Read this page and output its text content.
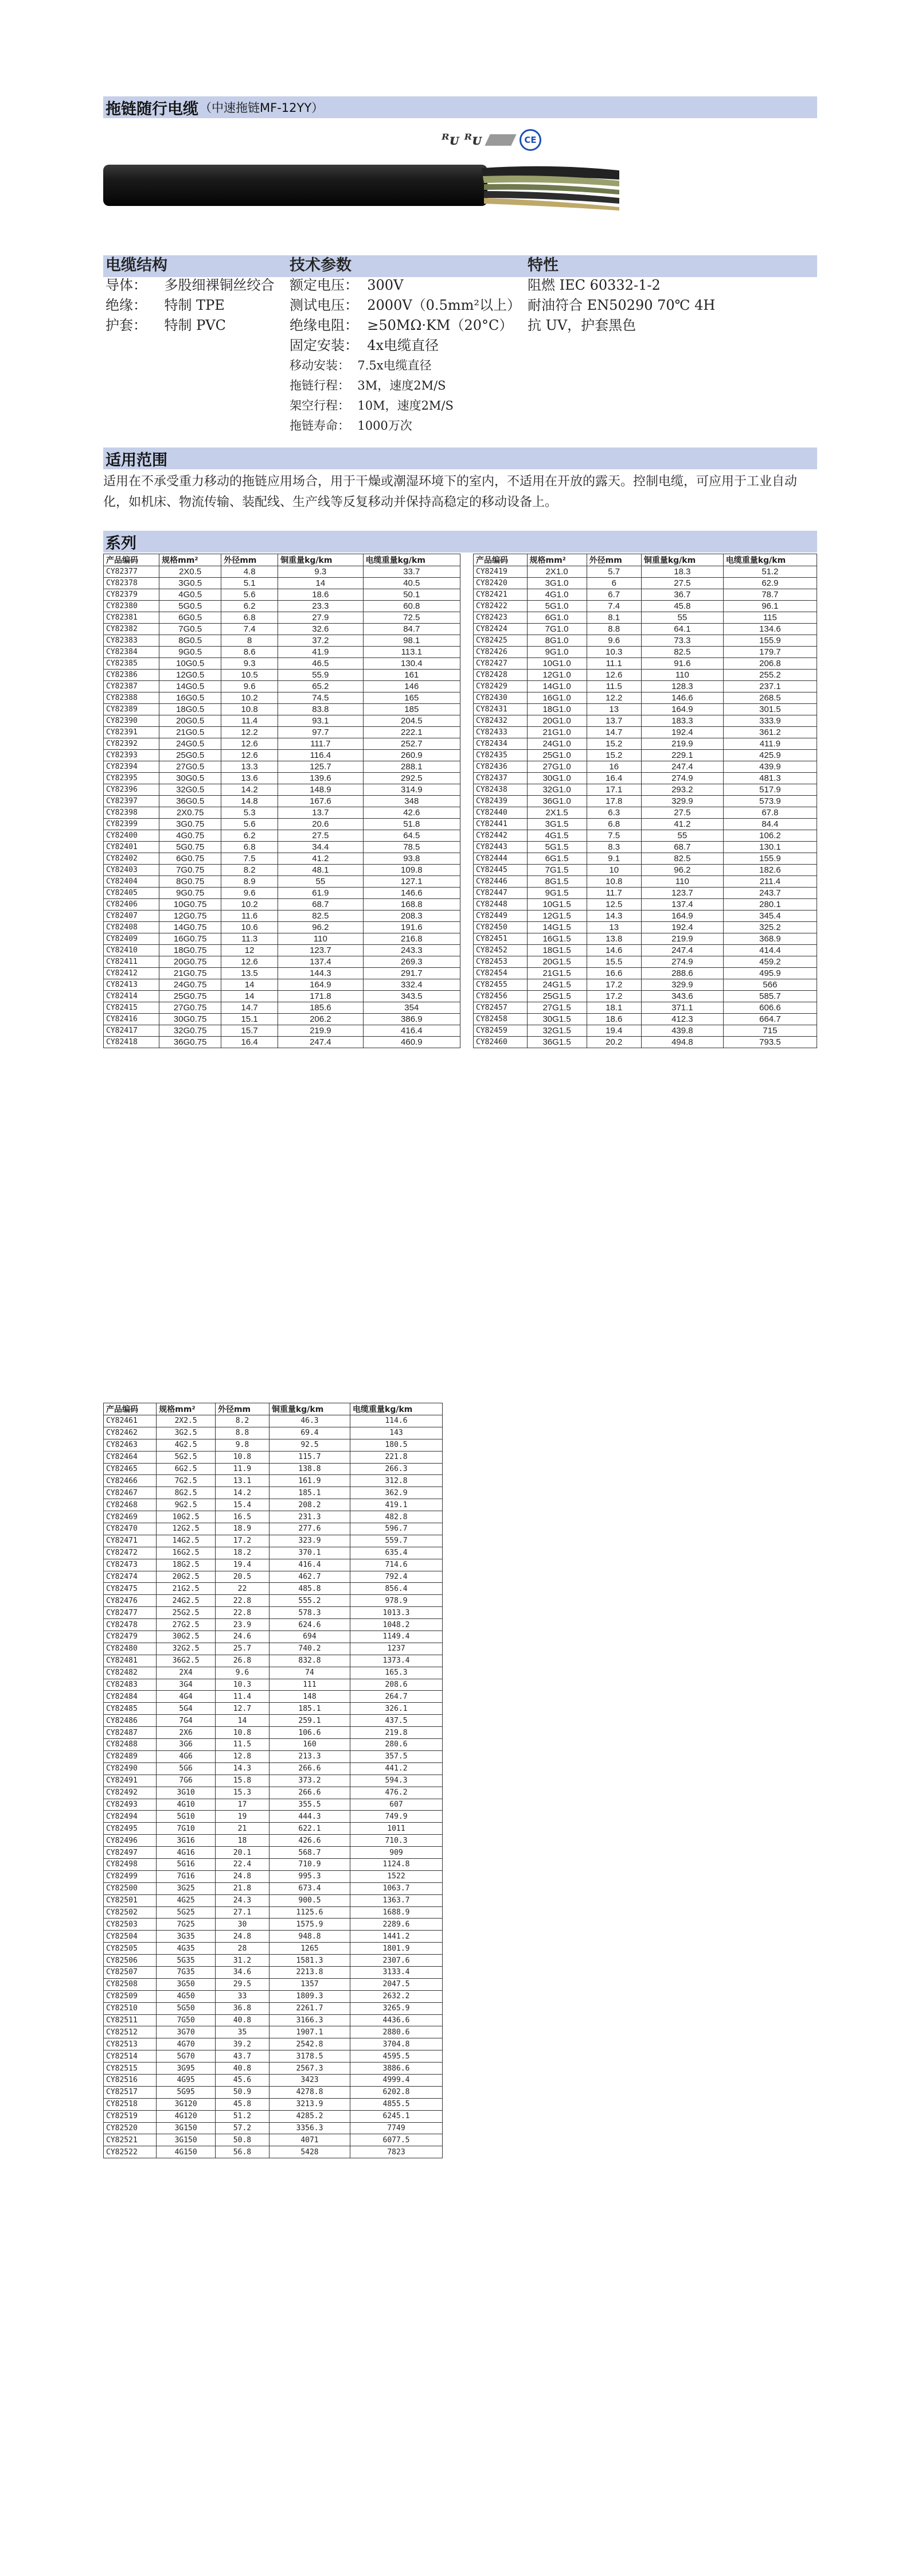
拖链随行电缆 （中速拖链MF-12YY）
ᴿᴜ ᴿᴜ	CE
电缆结构
导体：    多股细裸铜丝绞合
绝缘：    特制 TPE
护套：    特制 PVC
技术参数
额定电压：  300V
测试电压：  2000V（0.5mm²以上）
绝缘电阻：  ≥50MΩ·KM（20°C）
固定安装：  4x电缆直径
移动安装：  7.5x电缆直径
拖链行程：  3M，速度2M/S
架空行程：  10M，速度2M/S
拖链寿命：  1000万次
特性
阻燃 IEC 60332-1-2
耐油符合 EN50290 70℃ 4H
抗 UV，护套黑色
适用范围
适用在不承受重力移动的拖链应用场合，用于干燥或潮湿环境下的室内，不适用在开放的露天。控制电缆，可应用于工业自动化，如机床、物流传输、装配线、生产线等反复移动并保持高稳定的移动设备上。
系列
产品编码	规格mm²	外径mm	铜重量kg/km	电缆重量kg/km
CY82377	2X0.5	4.8	9.3	33.7
CY82378	3G0.5	5.1	14	40.5
CY82379	4G0.5	5.6	18.6	50.1
CY82380	5G0.5	6.2	23.3	60.8
CY82381	6G0.5	6.8	27.9	72.5
CY82382	7G0.5	7.4	32.6	84.7
CY82383	8G0.5	8	37.2	98.1
CY82384	9G0.5	8.6	41.9	113.1
CY82385	10G0.5	9.3	46.5	130.4
CY82386	12G0.5	10.5	55.9	161
CY82387	14G0.5	9.6	65.2	146
CY82388	16G0.5	10.2	74.5	165
CY82389	18G0.5	10.8	83.8	185
CY82390	20G0.5	11.4	93.1	204.5
CY82391	21G0.5	12.2	97.7	222.1
CY82392	24G0.5	12.6	111.7	252.7
CY82393	25G0.5	12.6	116.4	260.9
CY82394	27G0.5	13.3	125.7	288.1
CY82395	30G0.5	13.6	139.6	292.5
CY82396	32G0.5	14.2	148.9	314.9
CY82397	36G0.5	14.8	167.6	348
CY82398	2X0.75	5.3	13.7	42.6
CY82399	3G0.75	5.6	20.6	51.8
CY82400	4G0.75	6.2	27.5	64.5
CY82401	5G0.75	6.8	34.4	78.5
CY82402	6G0.75	7.5	41.2	93.8
CY82403	7G0.75	8.2	48.1	109.8
CY82404	8G0.75	8.9	55	127.1
CY82405	9G0.75	9.6	61.9	146.6
CY82406	10G0.75	10.2	68.7	168.8
CY82407	12G0.75	11.6	82.5	208.3
CY82408	14G0.75	10.6	96.2	191.6
CY82409	16G0.75	11.3	110	216.8
CY82410	18G0.75	12	123.7	243.3
CY82411	20G0.75	12.6	137.4	269.3
CY82412	21G0.75	13.5	144.3	291.7
CY82413	24G0.75	14	164.9	332.4
CY82414	25G0.75	14	171.8	343.5
CY82415	27G0.75	14.7	185.6	354
CY82416	30G0.75	15.1	206.2	386.9
CY82417	32G0.75	15.7	219.9	416.4
CY82418	36G0.75	16.4	247.4	460.9
产品编码	规格mm²	外径mm	铜重量kg/km	电缆重量kg/km
CY82419	2X1.0	5.7	18.3	51.2
CY82420	3G1.0	6	27.5	62.9
CY82421	4G1.0	6.7	36.7	78.7
CY82422	5G1.0	7.4	45.8	96.1
CY82423	6G1.0	8.1	55	115
CY82424	7G1.0	8.8	64.1	134.6
CY82425	8G1.0	9.6	73.3	155.9
CY82426	9G1.0	10.3	82.5	179.7
CY82427	10G1.0	11.1	91.6	206.8
CY82428	12G1.0	12.6	110	255.2
CY82429	14G1.0	11.5	128.3	237.1
CY82430	16G1.0	12.2	146.6	268.5
CY82431	18G1.0	13	164.9	301.5
CY82432	20G1.0	13.7	183.3	333.9
CY82433	21G1.0	14.7	192.4	361.2
CY82434	24G1.0	15.2	219.9	411.9
CY82435	25G1.0	15.2	229.1	425.9
CY82436	27G1.0	16	247.4	439.9
CY82437	30G1.0	16.4	274.9	481.3
CY82438	32G1.0	17.1	293.2	517.9
CY82439	36G1.0	17.8	329.9	573.9
CY82440	2X1.5	6.3	27.5	67.8
CY82441	3G1.5	6.8	41.2	84.4
CY82442	4G1.5	7.5	55	106.2
CY82443	5G1.5	8.3	68.7	130.1
CY82444	6G1.5	9.1	82.5	155.9
CY82445	7G1.5	10	96.2	182.6
CY82446	8G1.5	10.8	110	211.4
CY82447	9G1.5	11.7	123.7	243.7
CY82448	10G1.5	12.5	137.4	280.1
CY82449	12G1.5	14.3	164.9	345.4
CY82450	14G1.5	13	192.4	325.2
CY82451	16G1.5	13.8	219.9	368.9
CY82452	18G1.5	14.6	247.4	414.4
CY82453	20G1.5	15.5	274.9	459.2
CY82454	21G1.5	16.6	288.6	495.9
CY82455	24G1.5	17.2	329.9	566
CY82456	25G1.5	17.2	343.6	585.7
CY82457	27G1.5	18.1	371.1	606.6
CY82458	30G1.5	18.6	412.3	664.7
CY82459	32G1.5	19.4	439.8	715
CY82460	36G1.5	20.2	494.8	793.5
产品编码	规格mm²	外径mm	铜重量kg/km	电缆重量kg/km
CY82461	2X2.5	8.2	46.3	114.6
CY82462	3G2.5	8.8	69.4	143
CY82463	4G2.5	9.8	92.5	180.5
CY82464	5G2.5	10.8	115.7	221.8
CY82465	6G2.5	11.9	138.8	266.3
CY82466	7G2.5	13.1	161.9	312.8
CY82467	8G2.5	14.2	185.1	362.9
CY82468	9G2.5	15.4	208.2	419.1
CY82469	10G2.5	16.5	231.3	482.8
CY82470	12G2.5	18.9	277.6	596.7
CY82471	14G2.5	17.2	323.9	559.7
CY82472	16G2.5	18.2	370.1	635.4
CY82473	18G2.5	19.4	416.4	714.6
CY82474	20G2.5	20.5	462.7	792.4
CY82475	21G2.5	22	485.8	856.4
CY82476	24G2.5	22.8	555.2	978.9
CY82477	25G2.5	22.8	578.3	1013.3
CY82478	27G2.5	23.9	624.6	1048.2
CY82479	30G2.5	24.6	694	1149.4
CY82480	32G2.5	25.7	740.2	1237
CY82481	36G2.5	26.8	832.8	1373.4
CY82482	2X4	9.6	74	165.3
CY82483	3G4	10.3	111	208.6
CY82484	4G4	11.4	148	264.7
CY82485	5G4	12.7	185.1	326.1
CY82486	7G4	14	259.1	437.5
CY82487	2X6	10.8	106.6	219.8
CY82488	3G6	11.5	160	280.6
CY82489	4G6	12.8	213.3	357.5
CY82490	5G6	14.3	266.6	441.2
CY82491	7G6	15.8	373.2	594.3
CY82492	3G10	15.3	266.6	476.2
CY82493	4G10	17	355.5	607
CY82494	5G10	19	444.3	749.9
CY82495	7G10	21	622.1	1011
CY82496	3G16	18	426.6	710.3
CY82497	4G16	20.1	568.7	909
CY82498	5G16	22.4	710.9	1124.8
CY82499	7G16	24.8	995.3	1522
CY82500	3G25	21.8	673.4	1063.7
CY82501	4G25	24.3	900.5	1363.7
CY82502	5G25	27.1	1125.6	1688.9
CY82503	7G25	30	1575.9	2289.6
CY82504	3G35	24.8	948.8	1441.2
CY82505	4G35	28	1265	1801.9
CY82506	5G35	31.2	1581.3	2307.6
CY82507	7G35	34.6	2213.8	3133.4
CY82508	3G50	29.5	1357	2047.5
CY82509	4G50	33	1809.3	2632.2
CY82510	5G50	36.8	2261.7	3265.9
CY82511	7G50	40.8	3166.3	4436.6
CY82512	3G70	35	1907.1	2880.6
CY82513	4G70	39.2	2542.8	3704.8
CY82514	5G70	43.7	3178.5	4595.5
CY82515	3G95	40.8	2567.3	3886.6
CY82516	4G95	45.6	3423	4999.4
CY82517	5G95	50.9	4278.8	6202.8
CY82518	3G120	45.8	3213.9	4855.5
CY82519	4G120	51.2	4285.2	6245.1
CY82520	3G150	57.2	3356.3	7749
CY82521	3G150	50.8	4071	6077.5
CY82522	4G150	56.8	5428	7823
